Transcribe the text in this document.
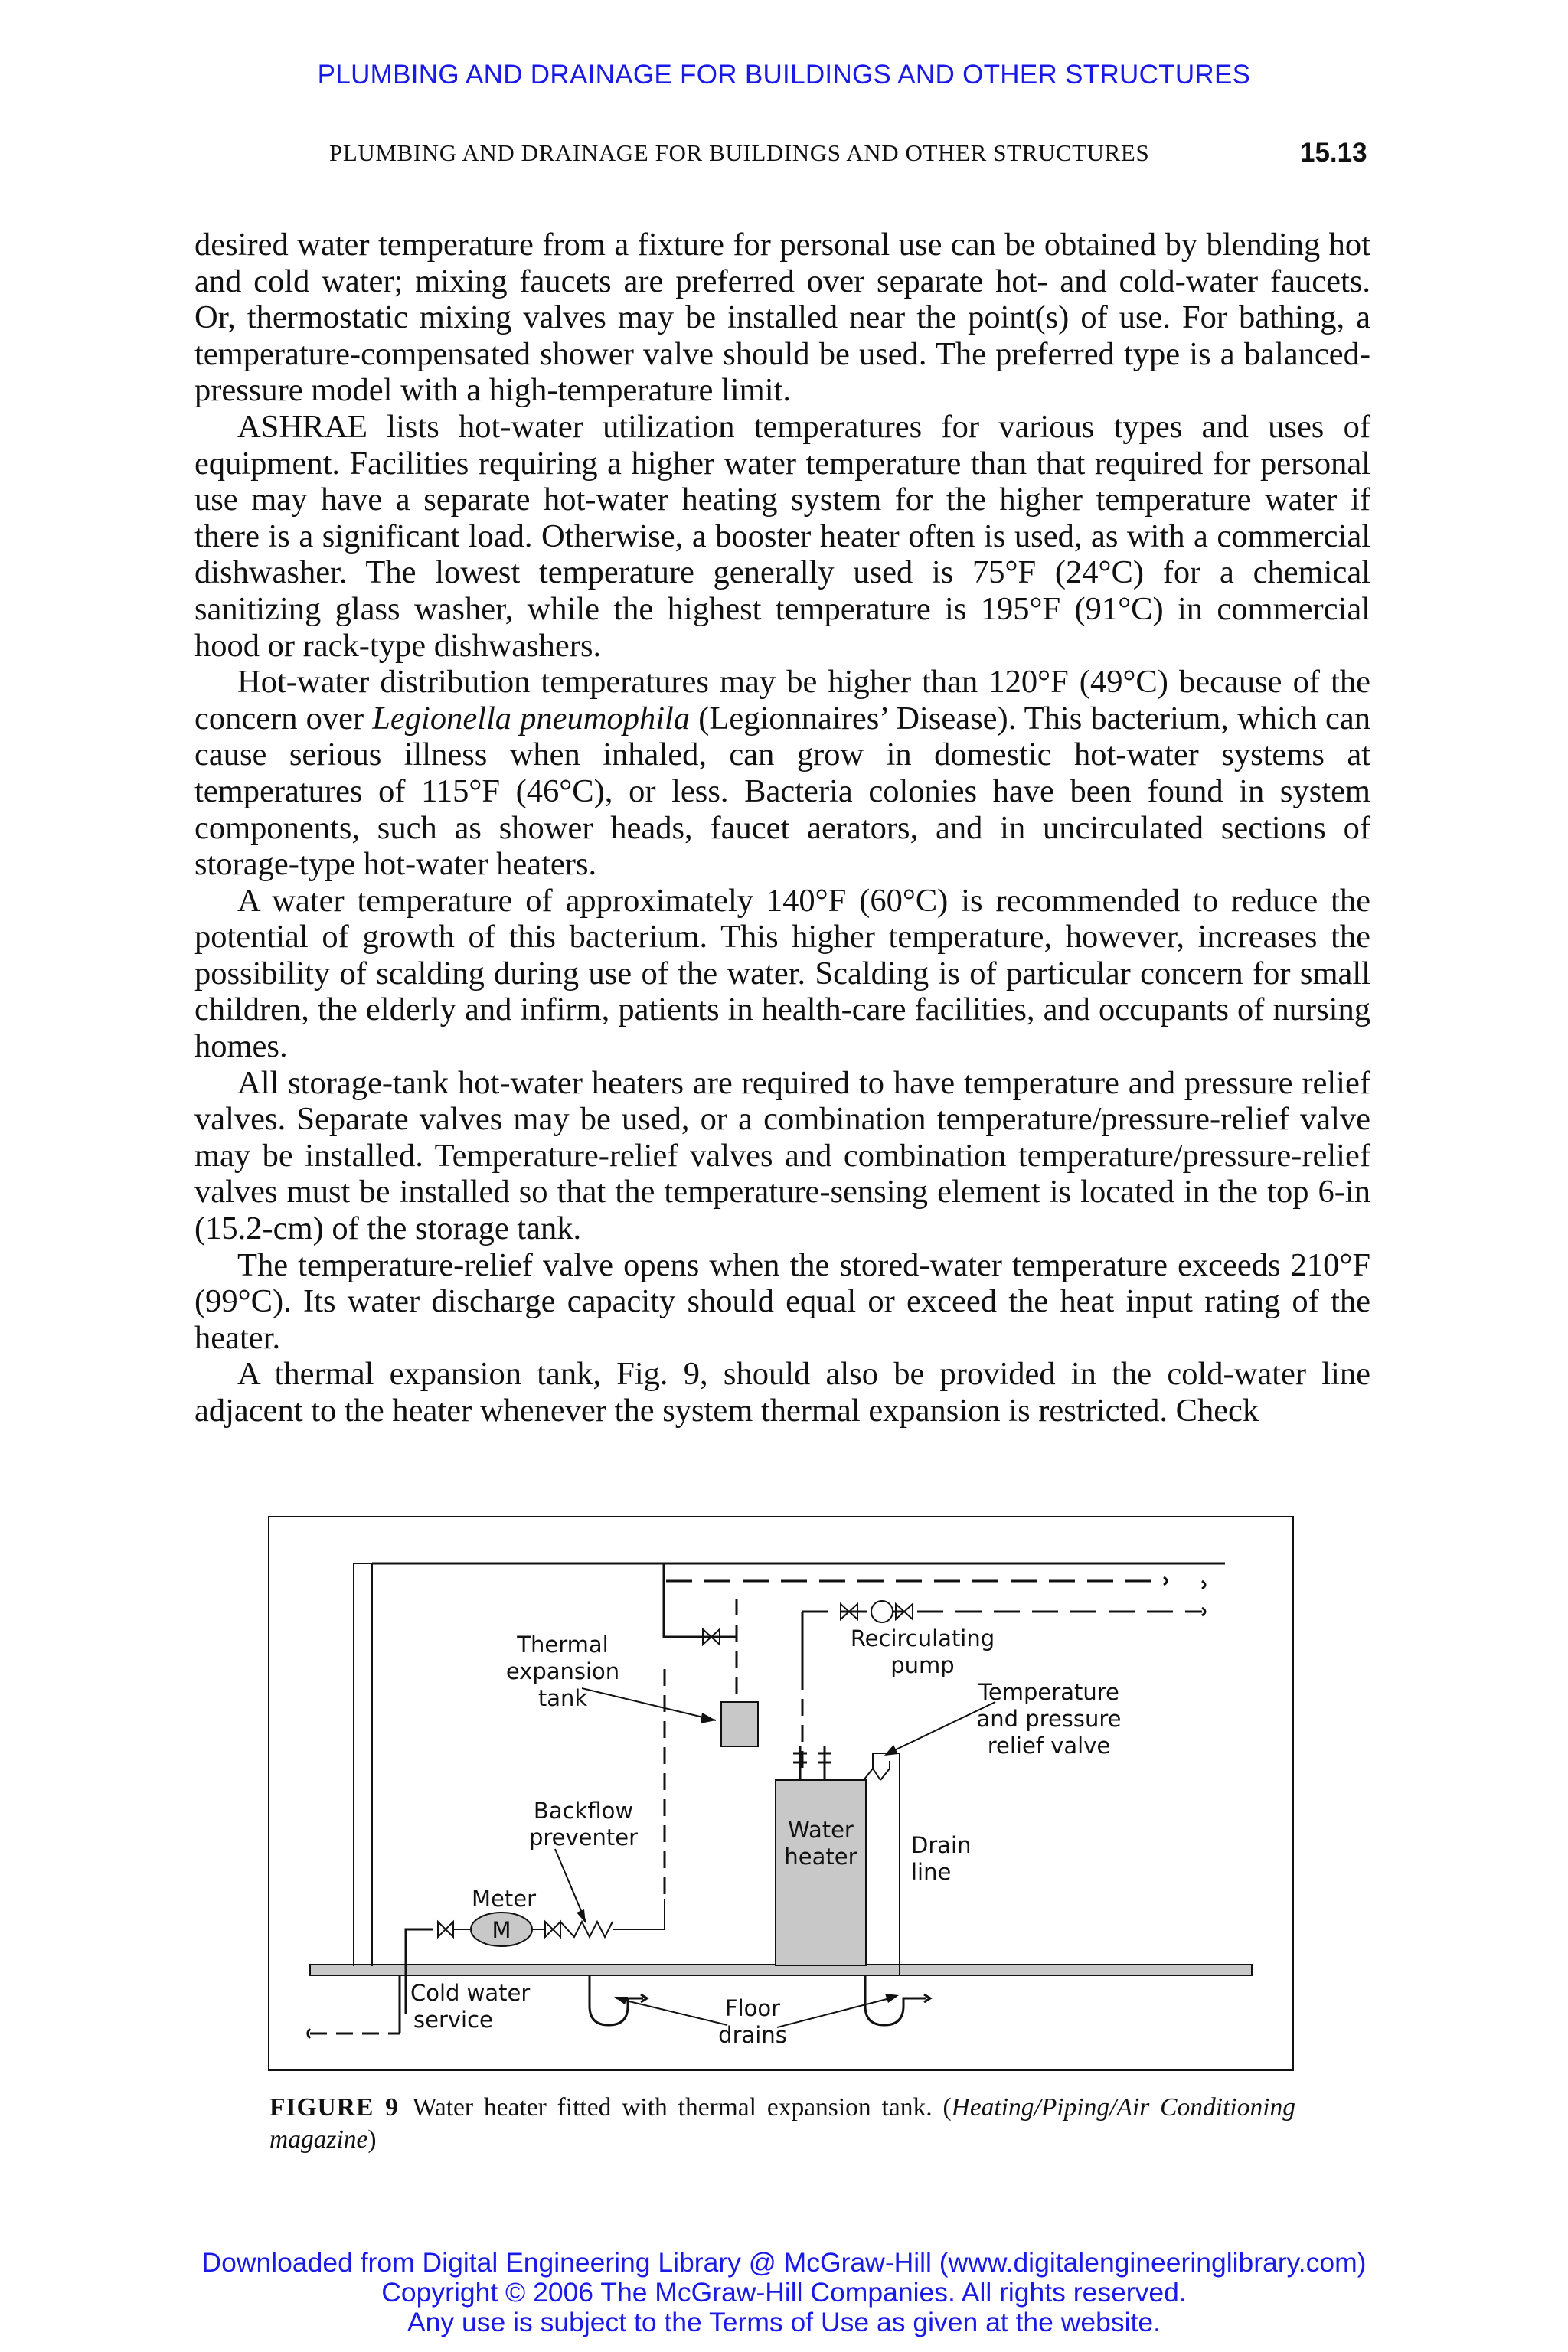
PLUMBING AND DRAINAGE FOR BUILDINGS AND OTHER STRUCTURES
PLUMBING AND DRAINAGE FOR BUILDINGS AND OTHER STRUCTURES	15.13

desired water temperature from a fixture for personal use can be obtained by blending hot and cold water; mixing faucets are preferred over separate hot- and cold-water faucets. Or, thermostatic mixing valves may be installed near the point(s) of use. For bathing, a temperature-compensated shower valve should be used. The preferred type is a balanced-pressure model with a high-temperature limit.

ASHRAE lists hot-water utilization temperatures for various types and uses of equipment. Facilities requiring a higher water temperature than that required for personal use may have a separate hot-water heating system for the higher temperature water if there is a significant load. Otherwise, a booster heater often is used, as with a commercial dishwasher. The lowest temperature generally used is 75°F (24°C) for a chemical sanitizing glass washer, while the highest temperature is 195°F (91°C) in commercial hood or rack-type dishwashers.

Hot-water distribution temperatures may be higher than 120°F (49°C) because of the concern over Legionella pneumophila (Legionnaires’ Disease). This bacterium, which can cause serious illness when inhaled, can grow in domestic hot-water systems at temperatures of 115°F (46°C), or less. Bacteria colonies have been found in system components, such as shower heads, faucet aerators, and in uncirculated sections of storage-type hot-water heaters.

A water temperature of approximately 140°F (60°C) is recommended to reduce the potential of growth of this bacterium. This higher temperature, however, increases the possibility of scalding during use of the water. Scalding is of particular concern for small children, the elderly and infirm, patients in health-care facilities, and occupants of nursing homes.

All storage-tank hot-water heaters are required to have temperature and pressure relief valves. Separate valves may be used, or a combination temperature/pressure-relief valve may be installed. Temperature-relief valves and combination temperature/pressure-relief valves must be installed so that the temperature-sensing element is located in the top 6-in (15.2-cm) of the storage tank.

The temperature-relief valve opens when the stored-water temperature exceeds 210°F (99°C). Its water discharge capacity should equal or exceed the heat input rating of the heater.

A thermal expansion tank, Fig. 9, should also be provided in the cold-water line adjacent to the heater whenever the system thermal expansion is restricted. Check

Thermal
expansion
tank
Recirculating
pump
Temperature
and pressure
relief valve
Backflow
preventer	Water
heater Drain
line
Meter
M
Cold water
service	Floor
drains
FIGURE 9 Water heater fitted with thermal expansion tank. (Heating/Piping/Air Conditioning magazine)
Downloaded from Digital Engineering Library @ McGraw-Hill (www.digitalengineeringlibrary.com)
Copyright © 2006 The McGraw-Hill Companies. All rights reserved.
Any use is subject to the Terms of Use as given at the website.
